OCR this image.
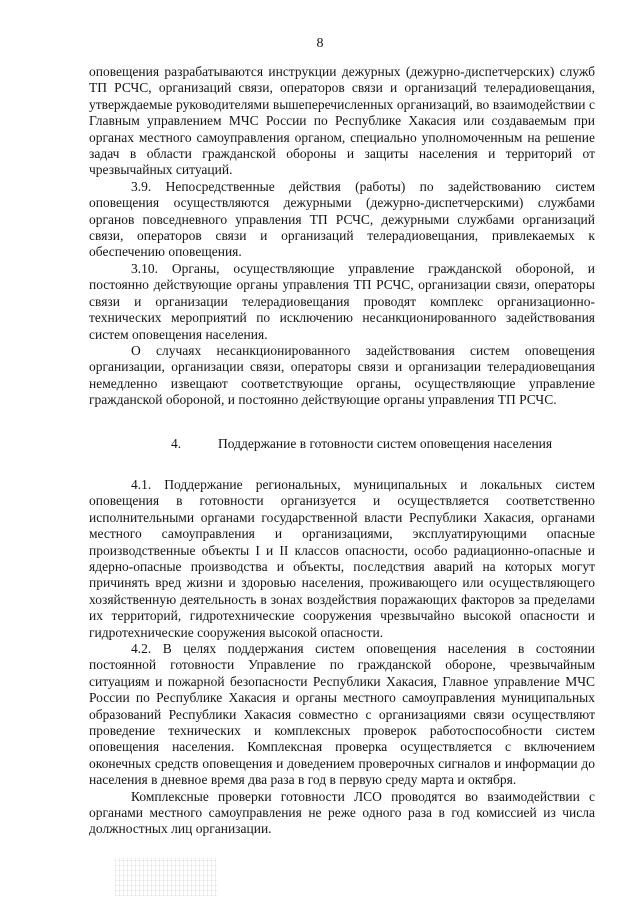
8

оповещения разрабатываются инструкции дежурных (дежурно-диспетчерских) служб ТП РСЧС, организаций связи, операторов связи и организаций телерадиовещания, утверждаемые руководителями вышеперечисленных организаций, во взаимодействии с Главным управлением МЧС России по Республике Хакасия или создаваемым при органах местного самоуправления органом, специально уполномоченным на решение задач в области гражданской обороны и защиты населения и территорий от чрезвычайных ситуаций.

3.9. Непосредственные действия (работы) по задействованию систем оповещения осуществляются дежурными (дежурно-диспетчерскими) службами органов повседневного управления ТП РСЧС, дежурными службами организаций связи, операторов связи и организаций телерадиовещания, привлекаемых к обеспечению оповещения.

3.10. Органы, осуществляющие управление гражданской обороной, и постоянно действующие органы управления ТП РСЧС, организации связи, операторы связи и организации телерадиовещания проводят комплекс организационно-технических мероприятий по исключению несанкционированного задействования систем оповещения населения.

О случаях несанкционированного задействования систем оповещения организации, организации связи, операторы связи и организации телерадиовещания немедленно извещают соответствующие органы, осуществляющие управление гражданской обороной, и постоянно действующие органы управления ТП РСЧС.

4.	Поддержание в готовности систем оповещения населения

4.1. Поддержание региональных, муниципальных и локальных систем оповещения в готовности организуется и осуществляется соответственно исполнительными органами государственной власти Республики Хакасия, органами местного самоуправления и организациями, эксплуатирующими опасные производственные объекты I и II классов опасности, особо радиационно-опасные и ядерно-опасные производства и объекты, последствия аварий на которых могут причинять вред жизни и здоровью населения, проживающего или осуществляющего хозяйственную деятельность в зонах воздействия поражающих факторов за пределами их территорий, гидротехнические сооружения чрезвычайно высокой опасности и гидротехнические сооружения высокой опасности.

4.2. В целях поддержания систем оповещения населения в состоянии постоянной готовности Управление по гражданской обороне, чрезвычайным ситуациям и пожарной безопасности Республики Хакасия, Главное управление МЧС России по Республике Хакасия и органы местного самоуправления муниципальных образований Республики Хакасия совместно с организациями связи осуществляют проведение технических и комплексных проверок работоспособности систем оповещения населения. Комплексная проверка осуществляется с включением оконечных средств оповещения и доведением проверочных сигналов и информации до населения в дневное время два раза в год в первую среду марта и октября.

Комплексные проверки готовности ЛСО проводятся во взаимодействии с органами местного самоуправления не реже одного раза в год комиссией из числа должностных лиц организации.
